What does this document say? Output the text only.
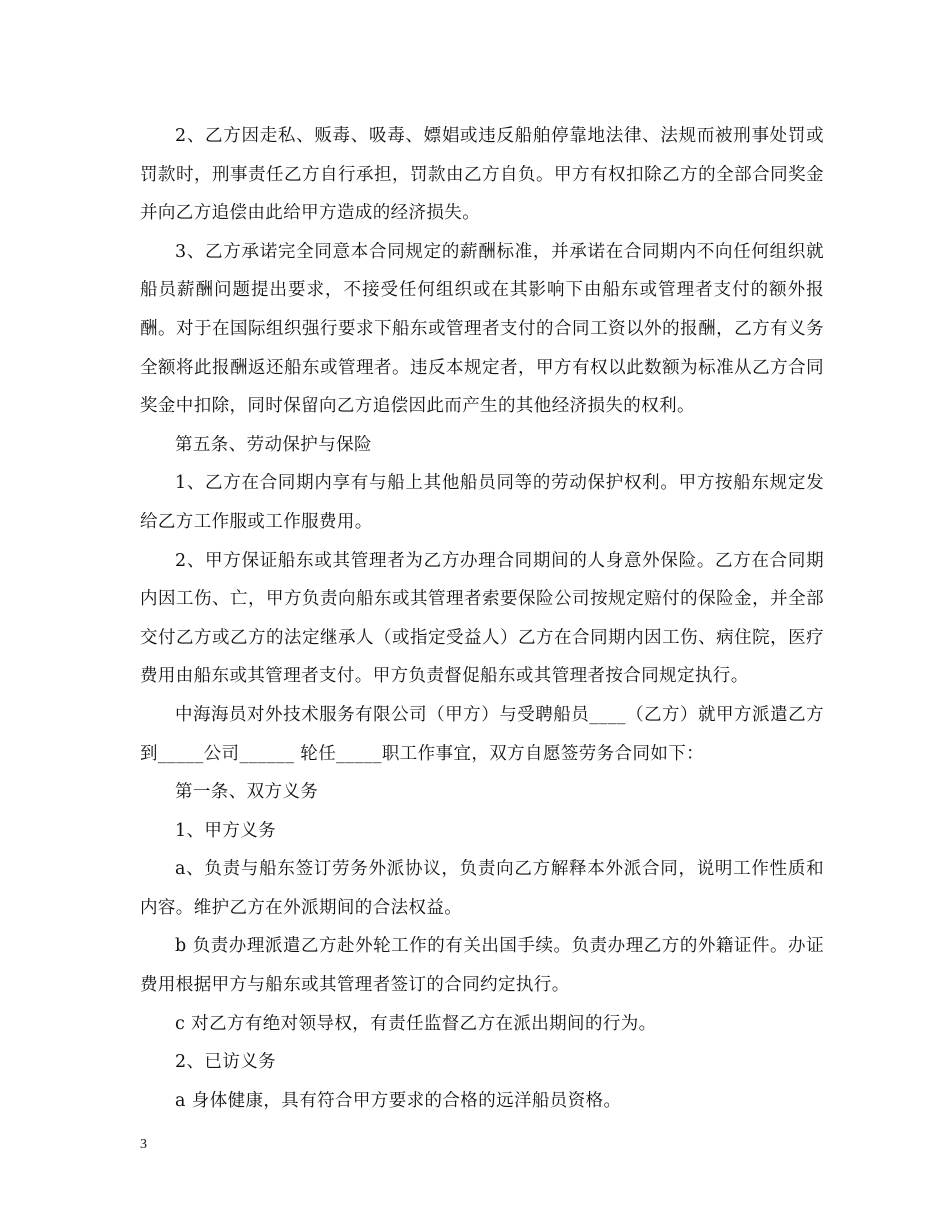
2、乙方因走私、贩毒、吸毒、嫖娼或违反船舶停靠地法律、法规而被刑事处罚或罚款时，刑事责任乙方自行承担，罚款由乙方自负。甲方有权扣除乙方的全部合同奖金并向乙方追偿由此给甲方造成的经济损失。

3、乙方承诺完全同意本合同规定的薪酬标准，并承诺在合同期内不向任何组织就船员薪酬问题提出要求，不接受任何组织或在其影响下由船东或管理者支付的额外报酬。对于在国际组织强行要求下船东或管理者支付的合同工资以外的报酬，乙方有义务全额将此报酬返还船东或管理者。违反本规定者，甲方有权以此数额为标准从乙方合同奖金中扣除，同时保留向乙方追偿因此而产生的其他经济损失的权利。

第五条、劳动保护与保险

1、乙方在合同期内享有与船上其他船员同等的劳动保护权利。甲方按船东规定发给乙方工作服或工作服费用。

2、甲方保证船东或其管理者为乙方办理合同期间的人身意外保险。乙方在合同期内因工伤、亡，甲方负责向船东或其管理者索要保险公司按规定赔付的保险金，并全部交付乙方或乙方的法定继承人（或指定受益人）乙方在合同期内因工伤、病住院，医疗费用由船东或其管理者支付。甲方负责督促船东或其管理者按合同规定执行。

中海海员对外技术服务有限公司（甲方）与受聘船员____（乙方）就甲方派遣乙方到_____公司______ 轮任_____职工作事宜，双方自愿签劳务合同如下：

第一条、双方义务

1、甲方义务

a、负责与船东签订劳务外派协议，负责向乙方解释本外派合同，说明工作性质和内容。维护乙方在外派期间的合法权益。

b 负责办理派遣乙方赴外轮工作的有关出国手续。负责办理乙方的外籍证件。办证费用根据甲方与船东或其管理者签订的合同约定执行。

c 对乙方有绝对领导权，有责任监督乙方在派出期间的行为。

2、已访义务

a 身体健康，具有符合甲方要求的合格的远洋船员资格。

3
